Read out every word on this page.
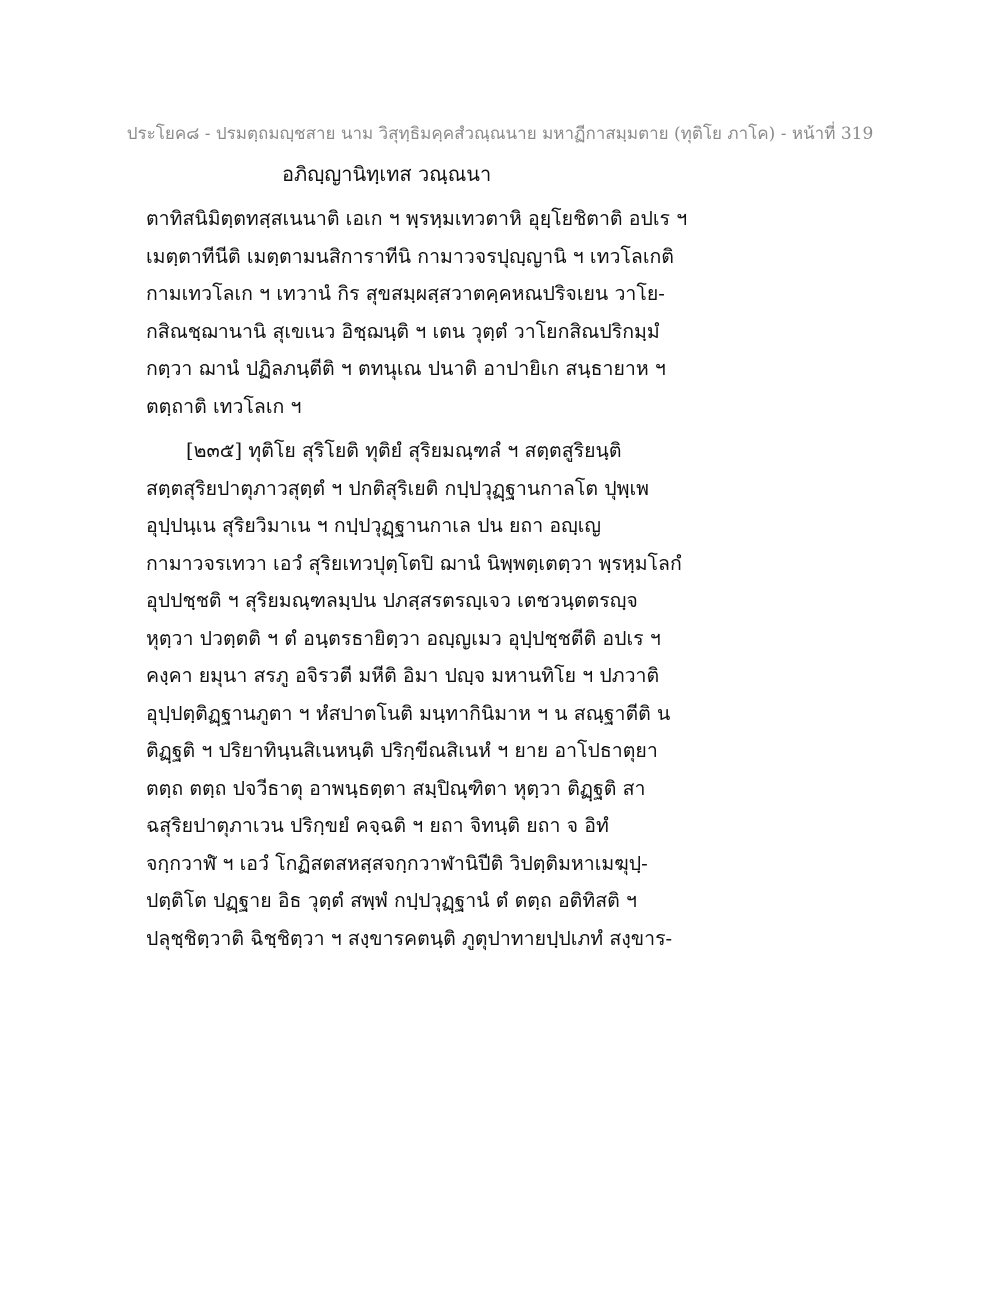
ประโยค๘ - ปรมตฺถมญฺชสาย นาม วิสุทฺธิมคฺคสํวณฺณนาย มหาฏีกาสมฺมตาย (ทุติโย ภาโค) - หน้าที่ 319
อภิญฺญานิทฺเทส วณฺณนา
ตาทิสนิมิตฺตทสฺสเนนาติ เอเก ฯ พฺรหฺมเทวตาหิ อุยฺโยชิตาติ อปเร ฯ
เมตฺตาทีนีติ เมตฺตามนสิการาทีนิ กามาวจรปุญฺญานิ ฯ เทวโลเกติ
กามเทวโลเก ฯ เทวานํ กิร สุขสมฺผสฺสวาตคฺคหณปริจเยน วาโย-
กสิณชฺฌานานิ สุเขเนว อิชฺฌนฺติ ฯ เตน วุตฺตํ วาโยกสิณปริกมฺมํ
กตฺวา ฌานํ ปฏิลภนฺตีติ ฯ ตทนุเณ ปนาติ อาปายิเก สนฺธายาห ฯ
ตตฺถาติ เทวโลเก ฯ
[๒๓๕] ทุติโย สุริโยติ ทุติยํ สุริยมณฺฑลํ ฯ สตฺตสูริยนฺติ
สตฺตสุริยปาตุภาวสุตฺตํ ฯ ปกติสุริเยติ กปฺปวุฏฺฐานกาลโต ปุพฺเพ
อุปฺปนฺเน สุริยวิมาเน ฯ กปฺปวุฏฺฐานกาเล ปน ยถา อญฺเญ
กามาวจรเทวา เอวํ สุริยเทวปุตฺโตปิ ฌานํ นิพฺพตฺเตตฺวา พฺรหฺมโลกํ
อุปปชฺชติ ฯ สุริยมณฺฑลมฺปน ปภสฺสรตรญฺเจว เตชวนฺตตรญฺจ
หุตฺวา ปวตฺตติ ฯ ตํ อนฺตรธายิตฺวา อญฺญเมว อุปฺปชฺชตีติ อปเร ฯ
คงฺคา ยมุนา สรภู อจิรวตี มหีติ อิมา ปญฺจ มหานทิโย ฯ ปภวาติ
อุปฺปตฺติฏฺฐานภูตา ฯ หํสปาตโนติ มนฺทากินิมาห ฯ น สณฺฐาตีติ น
ติฏฺฐติ ฯ ปริยาทินฺนสิเนหนฺติ ปริกฺขีณสิเนหํ ฯ ยาย อาโปธาตุยา
ตตฺถ ตตฺถ ปจวีธาตุ อาพนฺธตฺตา สมฺปิณฺฑิตา หุตฺวา ติฏฺฐติ สา
ฉสุริยปาตุภาเวน ปริกฺขยํ คจฺฉติ ฯ ยถา จิทนฺติ ยถา จ อิทํ
จกฺกวาฬํ ฯ เอวํ โกฏิสตสหสฺสจกฺกวาฬานิปีติ วิปตฺติมหาเมฆุปฺ-
ปตฺติโต ปฏฺฐาย อิธ วุตฺตํ สพฺพํ กปฺปวุฏฺฐานํ ตํ ตตฺถ อติทิสติ ฯ
ปลุชฺชิตฺวาติ ฉิชฺชิตฺวา ฯ สงฺขารคตนฺติ ภูตุปาทายปฺปเภทํ สงฺขาร-
